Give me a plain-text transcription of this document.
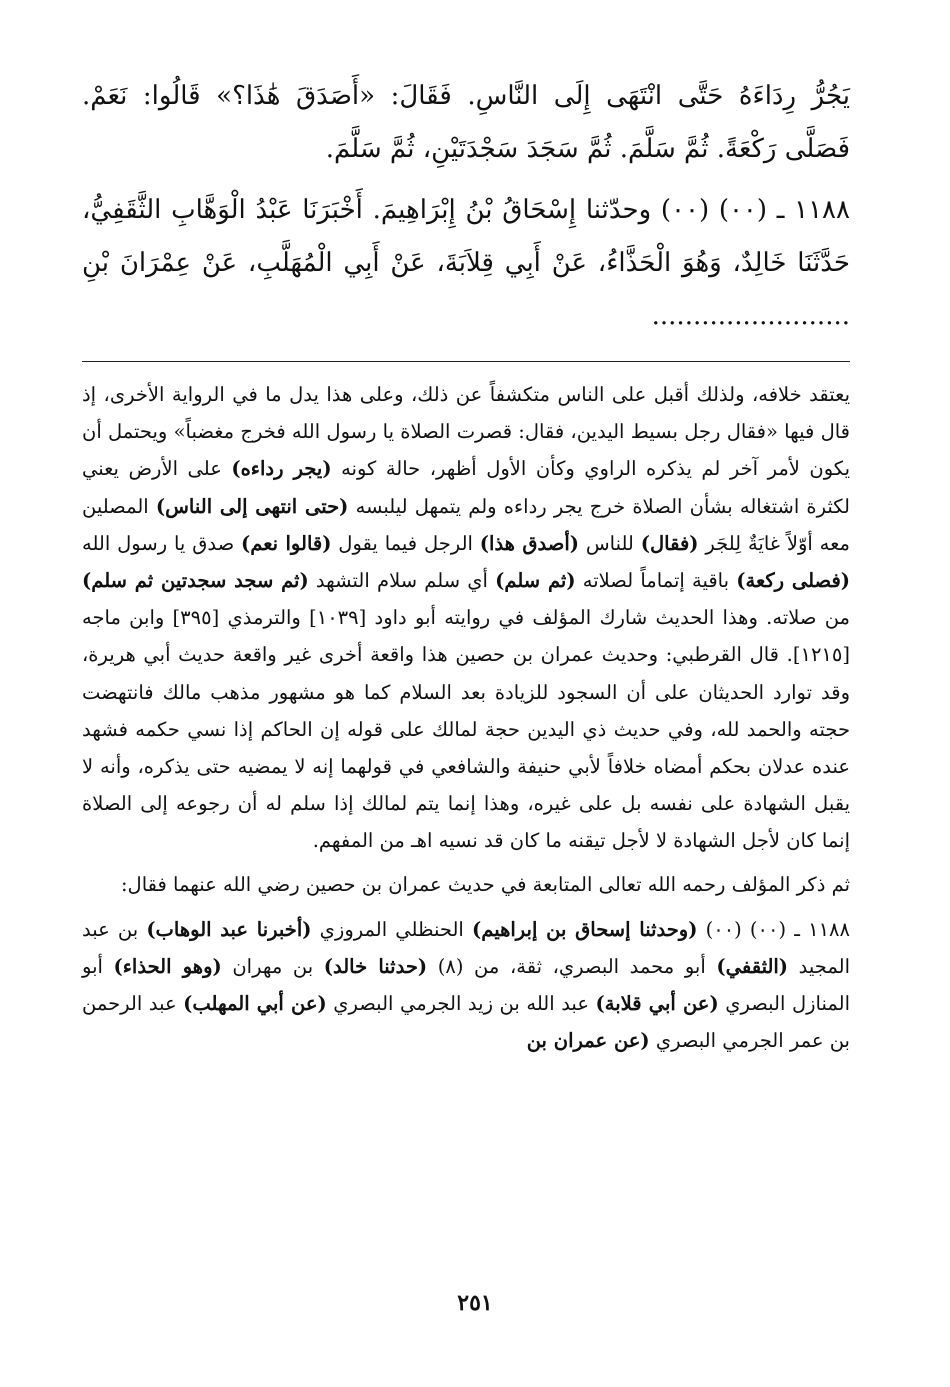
يَجُرُّ رِدَاءَهُ حَتَّى انْتَهَى إِلَى النَّاسِ. فَقَالَ: «أَصَدَقَ هَٰذَا؟» قَالُوا: نَعَمْ. فَصَلَّى رَكْعَةً. ثُمَّ سَلَّمَ. ثُمَّ سَجَدَ سَجْدَتَيْنِ، ثُمَّ سَلَّمَ.

١١٨٨ ـ (٠٠) (٠٠) وحدّثنا إِسْحَاقُ بْنُ إِبْرَاهِيمَ. أَخْبَرَنَا عَبْدُ الْوَهَّابِ الثَّقَفِيُّ، حَدَّثَنَا خَالِدٌ، وَهُوَ الْحَذَّاءُ، عَنْ أَبِي قِلاَبَةَ، عَنْ أَبِي الْمُهَلَّبِ، عَنْ عِمْرَانَ بْنِ ........................

يعتقد خلافه، ولذلك أقبل على الناس متكشفاً عن ذلك، وعلى هذا يدل ما في الرواية الأخرى، إذ قال فيها «فقال رجل بسيط اليدين، فقال: قصرت الصلاة يا رسول الله فخرج مغضباً» ويحتمل أن يكون لأمر آخر لم يذكره الراوي وكأن الأول أظهر، حالة كونه (يجر رداءه) على الأرض يعني لكثرة اشتغاله بشأن الصلاة خرج يجر رداءه ولم يتمهل ليلبسه (حتى انتهى إلى الناس) المصلين معه أوّلاً غايَةٌ لِلجَر (فقال) للناس (أصدق هذا) الرجل فيما يقول (قالوا نعم) صدق يا رسول الله (فصلى ركعة) باقية إتماماً لصلاته (ثم سلم) أي سلم سلام التشهد (ثم سجد سجدتين ثم سلم) من صلاته. وهذا الحديث شارك المؤلف في روايته أبو داود [١٠٣٩] والترمذي [٣٩٥] وابن ماجه [١٢١٥]. قال القرطبي: وحديث عمران بن حصين هذا واقعة أخرى غير واقعة حديث أبي هريرة، وقد توارد الحديثان على أن السجود للزيادة بعد السلام كما هو مشهور مذهب مالك فانتهضت حجته والحمد لله، وفي حديث ذي اليدين حجة لمالك على قوله إن الحاكم إذا نسي حكمه فشهد عنده عدلان بحكم أمضاه خلافاً لأبي حنيفة والشافعي في قولهما إنه لا يمضيه حتى يذكره، وأنه لا يقبل الشهادة على نفسه بل على غيره، وهذا إنما يتم لمالك إذا سلم له أن رجوعه إلى الصلاة إنما كان لأجل الشهادة لا لأجل تيقنه ما كان قد نسيه اهـ من المفهم.

ثم ذكر المؤلف رحمه الله تعالى المتابعة في حديث عمران بن حصين رضي الله عنهما فقال:

١١٨٨ ـ (٠٠) (٠٠) (وحدثنا إسحاق بن إبراهيم) الحنظلي المروزي (أخبرنا عبد الوهاب) بن عبد المجيد (الثقفي) أبو محمد البصري، ثقة، من (٨) (حدثنا خالد) بن مهران (وهو الحذاء) أبو المنازل البصري (عن أبي قلابة) عبد الله بن زيد الجرمي البصري (عن أبي المهلب) عبد الرحمن بن عمر الجرمي البصري (عن عمران بن

٢٥١
